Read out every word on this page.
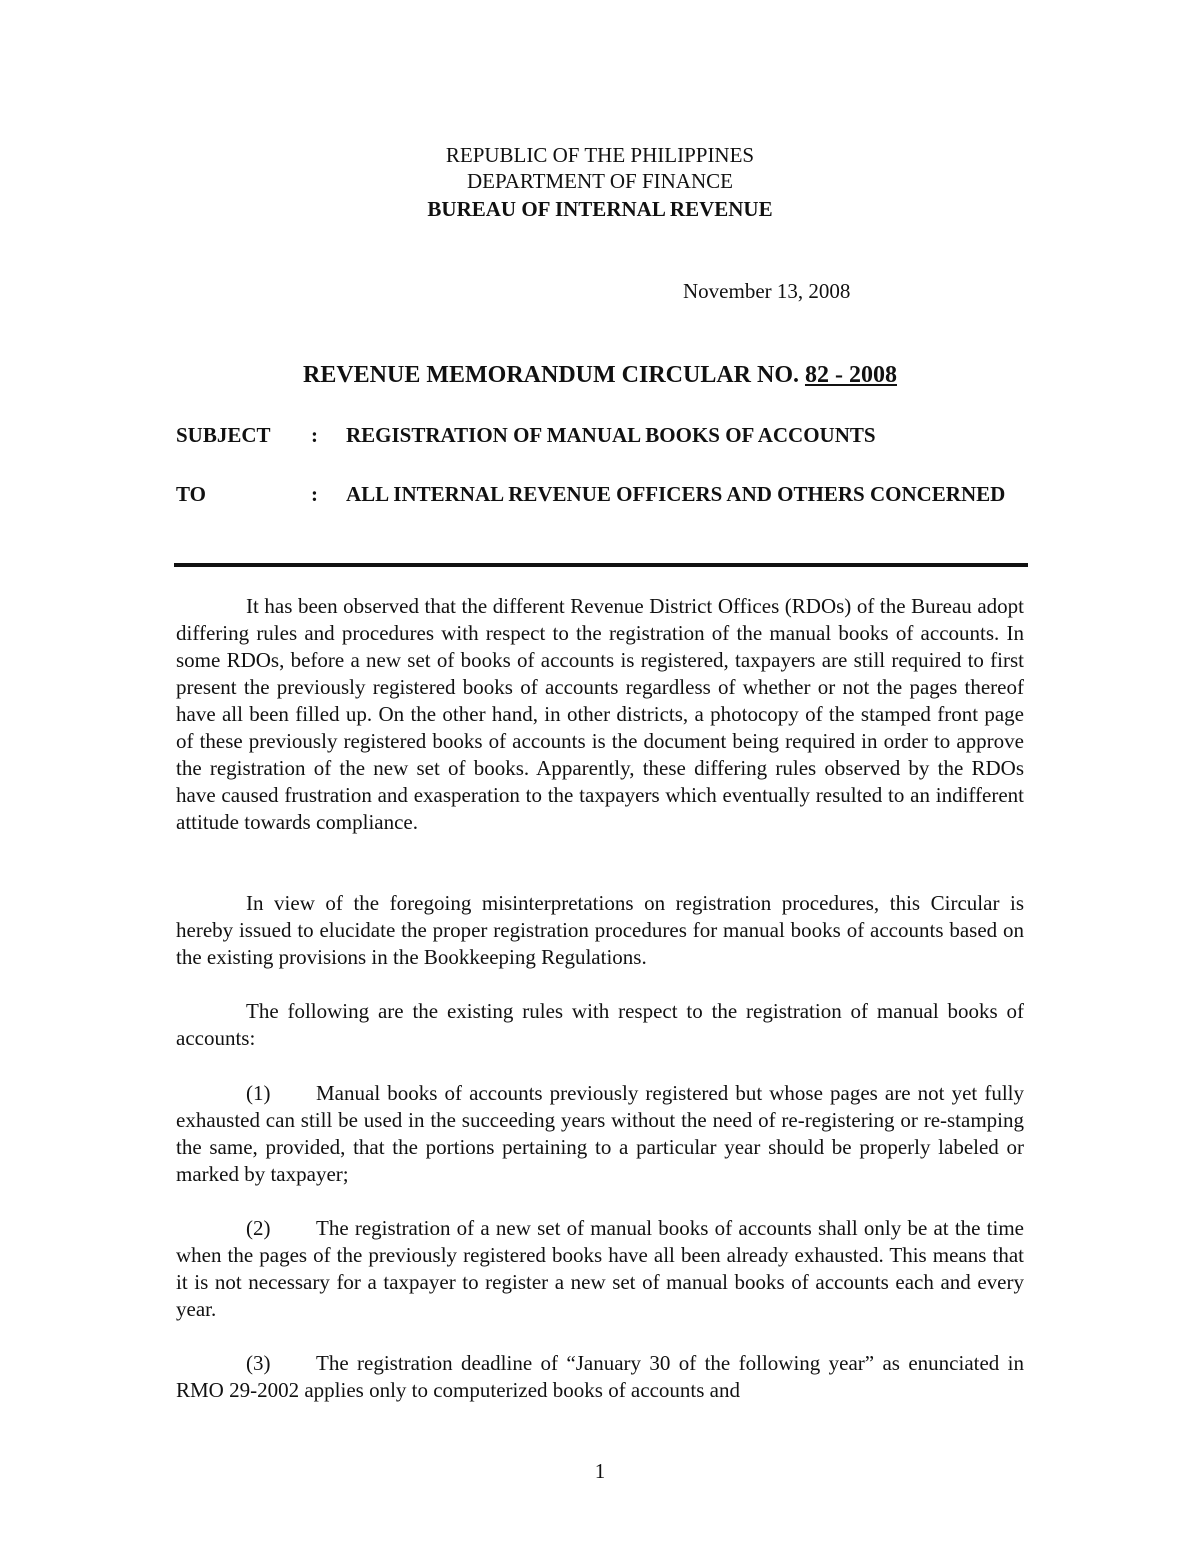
REPUBLIC OF THE PHILIPPINES
DEPARTMENT OF FINANCE
BUREAU OF INTERNAL REVENUE
November 13, 2008
REVENUE MEMORANDUM CIRCULAR NO. 82 - 2008
SUBJECT : REGISTRATION OF MANUAL BOOKS OF ACCOUNTS
TO	: ALL INTERNAL REVENUE OFFICERS AND OTHERS CONCERNED

It has been observed that the different Revenue District Offices (RDOs) of the Bureau adopt differing rules and procedures with respect to the registration of the manual books of accounts. In some RDOs, before a new set of books of accounts is registered, taxpayers are still required to first present the previously registered books of accounts regardless of whether or not the pages thereof have all been filled up. On the other hand, in other districts, a photocopy of the stamped front page of these previously registered books of accounts is the document being required in order to approve the registration of the new set of books. Apparently, these differing rules observed by the RDOs have caused frustration and exasperation to the taxpayers which eventually resulted to an indifferent attitude towards compliance.

In view of the foregoing misinterpretations on registration procedures, this Circular is hereby issued to elucidate the proper registration procedures for manual books of accounts based on the existing provisions in the Bookkeeping Regulations.

The following are the existing rules with respect to the registration of manual books of accounts:

(1) Manual books of accounts previously registered but whose pages are not yet fully exhausted can still be used in the succeeding years without the need of re-registering or re-stamping the same, provided, that the portions pertaining to a particular year should be properly labeled or marked by taxpayer;

(2) The registration of a new set of manual books of accounts shall only be at the time when the pages of the previously registered books have all been already exhausted. This means that it is not necessary for a taxpayer to register a new set of manual books of accounts each and every year.

(3) The registration deadline of “January 30 of the following year” as enunciated in RMO 29-2002 applies only to computerized books of accounts and

1
